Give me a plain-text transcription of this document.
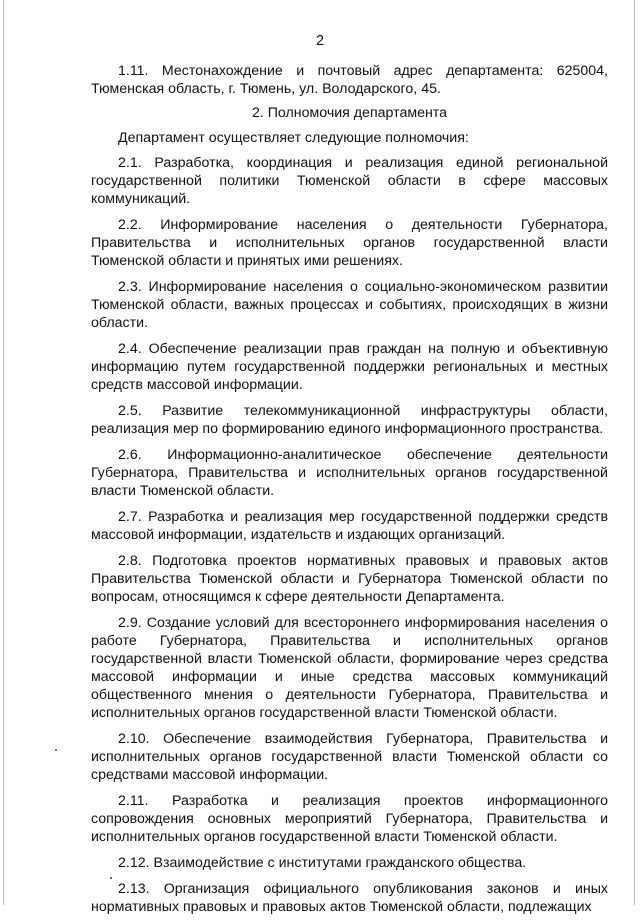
2

1.11. Местонахождение и почтовый адрес департамента: 625004, Тюменская область, г. Тюмень, ул. Володарского, 45.

2. Полномочия департамента

Департамент осуществляет следующие полномочия:

2.1. Разработка, координация и реализация единой региональной государственной политики Тюменской области в сфере массовых коммуникаций.

2.2. Информирование населения о деятельности Губернатора, Правительства и исполнительных органов государственной власти Тюменской области и принятых ими решениях.

2.3. Информирование населения о социально-экономическом развитии Тюменской области, важных процессах и событиях, происходящих в жизни области.

2.4. Обеспечение реализации прав граждан на полную и объективную информацию путем государственной поддержки региональных и местных средств массовой информации.

2.5. Развитие телекоммуникационной инфраструктуры области, реализация мер по формированию единого информационного пространства.

2.6. Информационно-аналитическое обеспечение деятельности Губернатора, Правительства и исполнительных органов государственной власти Тюменской области.

2.7. Разработка и реализация мер государственной поддержки средств массовой информации, издательств и издающих организаций.

2.8. Подготовка проектов нормативных правовых и правовых актов Правительства Тюменской области и Губернатора Тюменской области по вопросам, относящимся к сфере деятельности Департамента.

2.9. Создание условий для всестороннего информирования населения о работе Губернатора, Правительства и исполнительных органов государственной власти Тюменской области, формирование через средства массовой информации и иные средства массовых коммуникаций общественного мнения о деятельности Губернатора, Правительства и исполнительных органов государственной власти Тюменской области.

2.10. Обеспечение взаимодействия Губернатора, Правительства и исполнительных органов государственной власти Тюменской области со средствами массовой информации.

2.11. Разработка и реализация проектов информационного сопровождения основных мероприятий Губернатора, Правительства и исполнительных органов государственной власти Тюменской области.

2.12. Взаимодействие с институтами гражданского общества.

2.13. Организация официального опубликования законов и иных нормативных правовых и правовых актов Тюменской области, подлежащих
